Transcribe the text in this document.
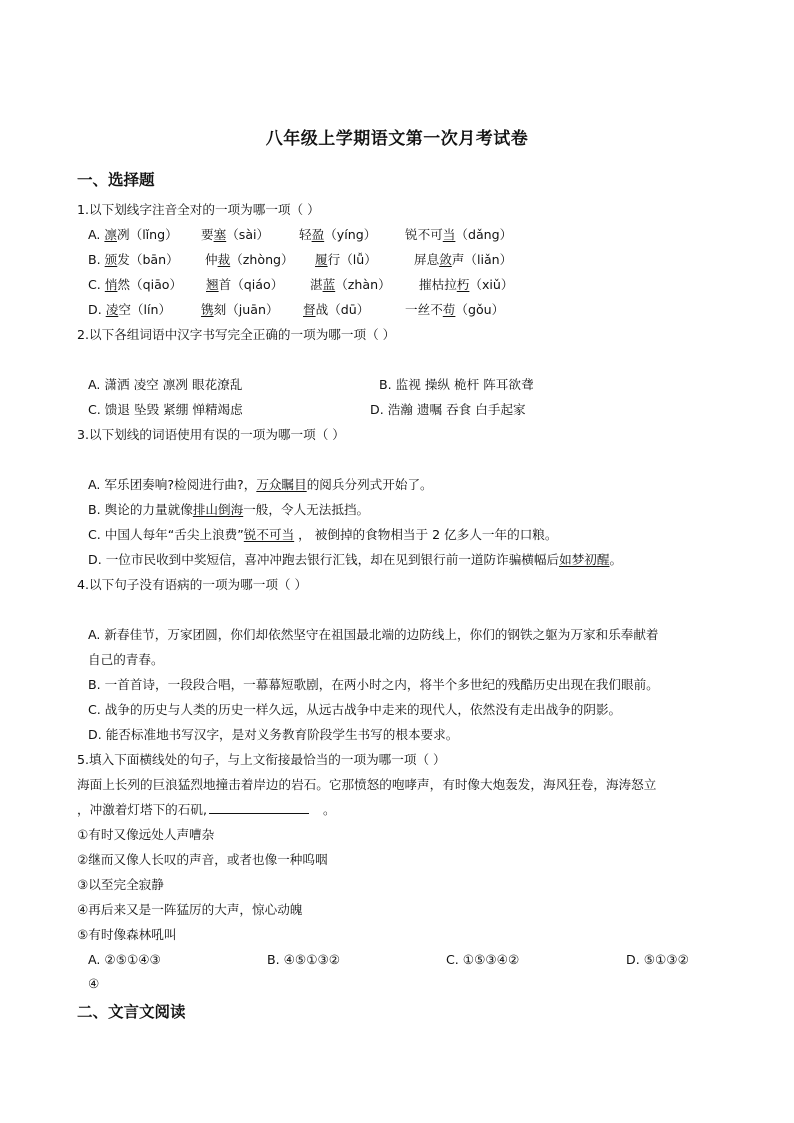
八年级上学期语文第一次月考试卷
一、选择题
1.以下划线字注音全对的一项为哪一项（ ）
A. 凛冽（lǐng） 要塞（sài） 轻盈（yíng） 锐不可当（dǎng）
B. 颁发（bān） 仲裁（zhòng） 履行（lǚ）	屏息敛声（liǎn）
C. 悄然（qiāo） 翘首（qiáo） 湛蓝（zhàn） 摧枯拉朽（xiǔ）
D. 凌空（lín） 镌刻（juān） 督战（dū）	一丝不苟（gǒu）
2.以下各组词语中汉字书写完全正确的一项为哪一项（ ）
A. 潇洒 凌空 凛冽 眼花潦乱	B. 监视 操纵 桅杆 阵耳欲聋
C. 馈退 坠毁 紧绷 惮精竭虑	D. 浩瀚 遗嘱 吞食 白手起家
3.以下划线的词语使用有误的一项为哪一项（ ）
A. 军乐团奏响?检阅进行曲?，万众瞩目的阅兵分列式开始了。
B. 舆论的力量就像排山倒海一般，令人无法抵挡。
C. 中国人每年“舌尖上浪费”锐不可当 ， 被倒掉的食物相当于 2 亿多人一年的口粮。
D. 一位市民收到中奖短信，喜冲冲跑去银行汇钱，却在见到银行前一道防诈骗横幅后如梦初醒。
4.以下句子没有语病的一项为哪一项（ ）
A. 新春佳节，万家团圆，你们却依然坚守在祖国最北端的边防线上，你们的钢铁之躯为万家和乐奉献着
自己的青春。
B. 一首首诗，一段段合唱，一幕幕短歌剧，在两小时之内，将半个多世纪的残酷历史出现在我们眼前。
C. 战争的历史与人类的历史一样久远，从远古战争中走来的现代人，依然没有走出战争的阴影。
D. 能否标准地书写汉字，是对义务教育阶段学生书写的根本要求。
5.填入下面横线处的句子，与上文衔接最恰当的一项为哪一项（ ）
海面上长列的巨浪猛烈地撞击着岸边的岩石。它那愤怒的咆哮声，有时像大炮轰发，海风狂卷，海涛怒立
，冲激着灯塔下的石矶,	。
①有时又像远处人声嘈杂
②继而又像人长叹的声音，或者也像一种呜咽
③以至完全寂静
④再后来又是一阵猛厉的大声，惊心动魄
⑤有时像森林吼叫
A. ②⑤①④③	B. ④⑤①③②	C. ①⑤③④②	D. ⑤①③②
④
二、文言文阅读
